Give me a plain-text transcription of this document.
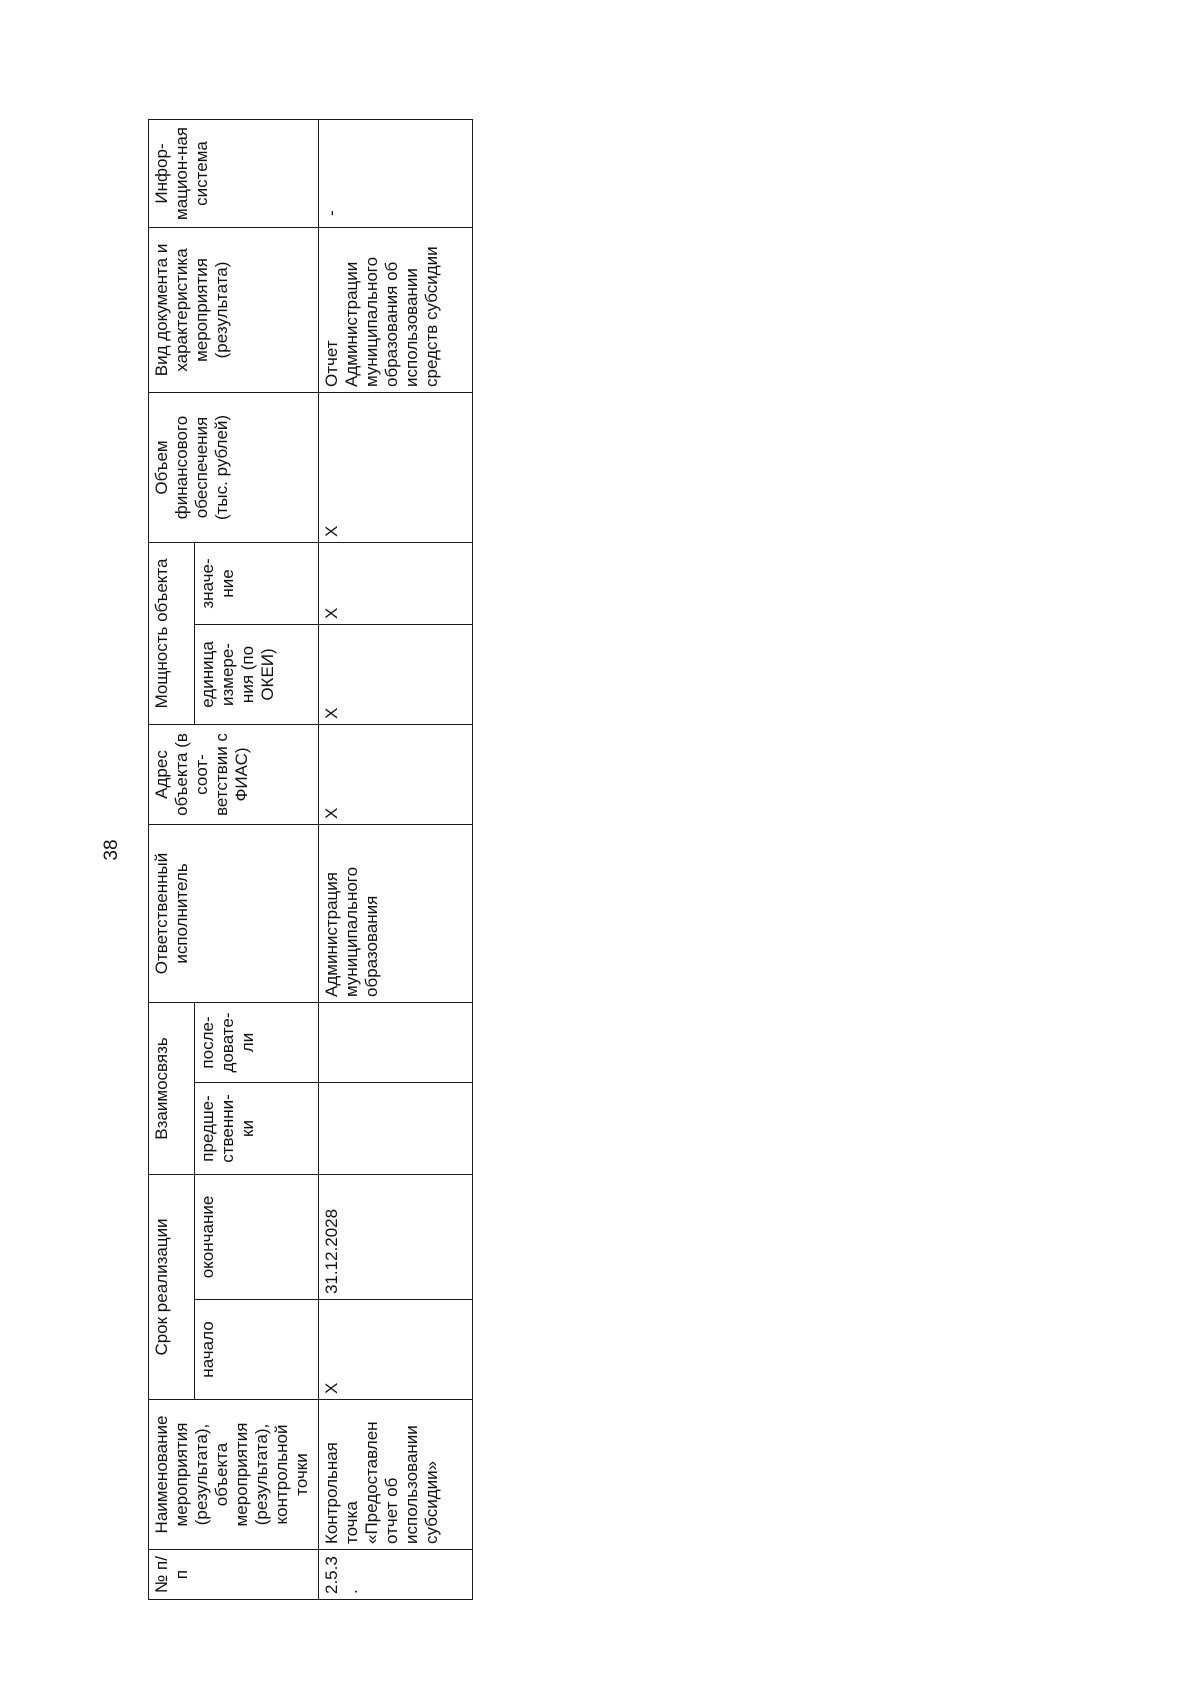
38
№ п/п	Наименование мероприятия (результата), объекта мероприятия (результата), контрольной точки	Срок реализации		Взаимосвязь		Ответственный исполнитель	Адрес объекта (в соот-ветствии с ФИАС)	Мощность объекта		Объем финансового обеспечения (тыс. рублей)	Вид документа и характеристика мероприятия (результата)	Инфор-мацион-ная система
		начало	окончание	предше-ственни-ки	после-довате-ли			единица измере-ния (по ОКЕИ)	значе-ние			
2.5.3.	Контрольная точка «Предоставлен отчет об использовании субсидии»	X	31.12.2028			Администрация муниципального образования	X	X	X	X	Отчет Администрации муниципального образования об использовании средств субсидии	-
